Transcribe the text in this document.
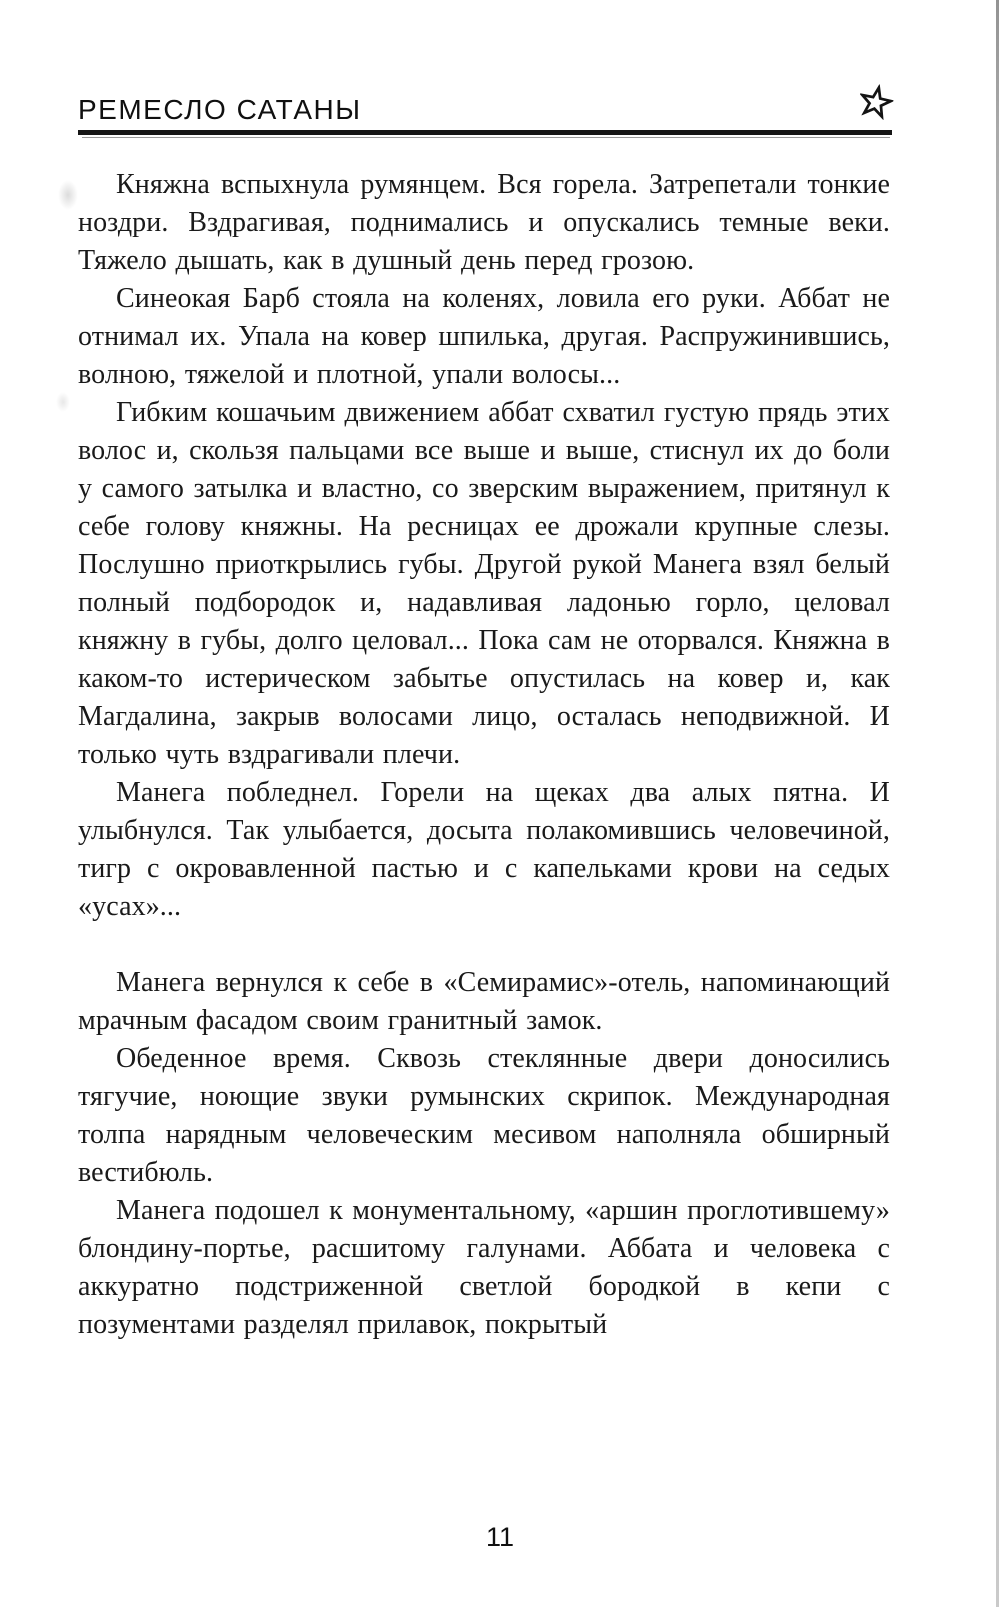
РЕМЕСЛО САТАНЫ

Княжна вспыхнула румянцем. Вся горела. Затрепетали тонкие ноздри. Вздрагивая, поднимались и опускались темные веки. Тяжело дышать, как в душный день перед грозою.

Синеокая Барб стояла на коленях, ловила его руки. Аббат не отнимал их. Упала на ковер шпилька, другая. Распружинившись, волною, тяжелой и плотной, упали волосы...

Гибким кошачьим движением аббат схватил густую прядь этих волос и, скользя пальцами все выше и выше, стиснул их до боли у самого затылка и властно, со зверским выражением, притянул к себе голову княжны. На ресницах ее дрожали крупные слезы. Послушно приоткрылись губы. Другой рукой Манега взял белый полный подбородок и, надавливая ладонью горло, целовал княжну в губы, долго целовал... Пока сам не оторвался. Княжна в каком-то истерическом забытье опустилась на ковер и, как Магдалина, закрыв волосами лицо, осталась неподвижной. И только чуть вздрагивали плечи.

Манега побледнел. Горели на щеках два алых пятна. И улыбнулся. Так улыбается, досыта полакомившись человечиной, тигр с окровавленной пастью и с капельками крови на седых «усах»...

Манега вернулся к себе в «Семирамис»-отель, напоминающий мрачным фасадом своим гранитный замок.

Обеденное время. Сквозь стеклянные двери доносились тягучие, ноющие звуки румынских скрипок. Международная толпа нарядным человеческим месивом наполняла обширный вестибюль.

Манега подошел к монументальному, «аршин проглотившему» блондину-портье, расшитому галунами. Аббата и человека с аккуратно подстриженной светлой бородкой в кепи с позументами разделял прилавок, покрытый

11
